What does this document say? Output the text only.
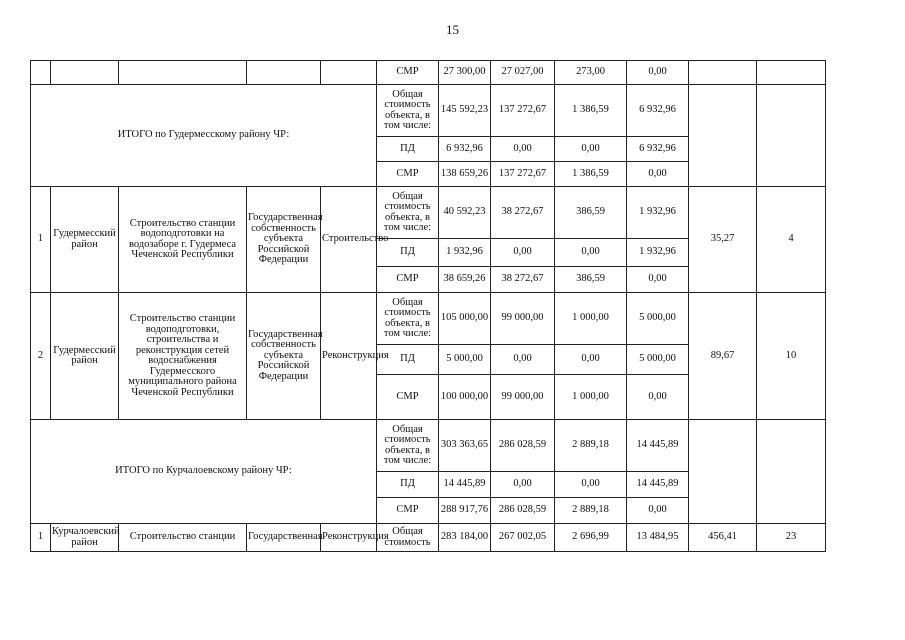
15
					СМР	27 300,00	27 027,00	273,00	0,00		
ИТОГО по Гудермесскому району ЧР:					Общая стоимость объекта, в том числе:	145 592,23	137 272,67	1 386,59	6 932,96		
					ПД	6 932,96	0,00	0,00	6 932,96		
					СМР	138 659,26	137 272,67	1 386,59	0,00		
1	Гудермесский район	Строительство станции водоподготовки на водозаборе г. Гудермеса Чеченской Республики	Государственная собственность субъекта Российской Федерации	Строительство	Общая стоимость объекта, в том числе:	40 592,23	38 272,67	386,59	1 932,96	35,27	4
					ПД	1 932,96	0,00	0,00	1 932,96		
					СМР	38 659,26	38 272,67	386,59	0,00		
2	Гудермесский район	Строительство станции водоподготовки, строительства и реконструкция сетей водоснабжения Гудермесского муниципального района Чеченской Республики	Государственная собственность субъекта Российской Федерации	Реконструкция	Общая стоимость объекта, в том числе:	105 000,00	99 000,00	1 000,00	5 000,00	89,67	10
					ПД	5 000,00	0,00	0,00	5 000,00		
					СМР	100 000,00	99 000,00	1 000,00	0,00		
ИТОГО по Курчалоевскому району ЧР:					Общая стоимость объекта, в том числе:	303 363,65	286 028,59	2 889,18	14 445,89		
					ПД	14 445,89	0,00	0,00	14 445,89		
					СМР	288 917,76	286 028,59	2 889,18	0,00		
1	Курчалоевский район	Строительство станции	Государственная	Реконструкция	Общая стоимость	283 184,00	267 002,05	2 696,99	13 484,95	456,41	23
